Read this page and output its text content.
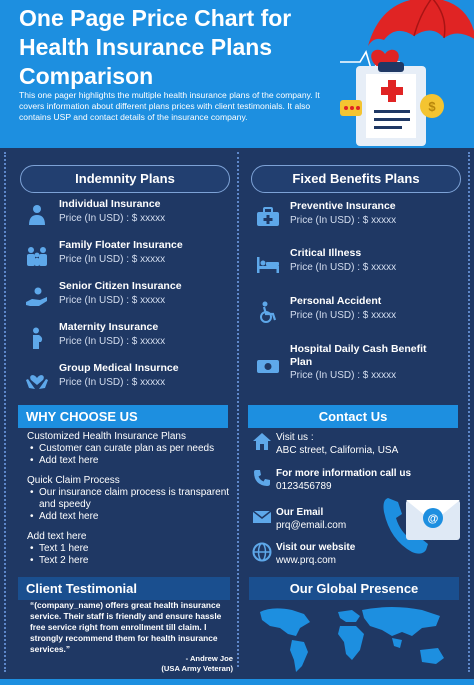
One Page Price Chart for Health Insurance Plans Comparison
This one pager highlights the multiple health insurance plans of the company. It covers information about different plans prices with client testimonials. It also contains USP and contact details of the insurance company.
$
Indemnity Plans	Fixed Benefits Plans
Individual Insurance
Price (In USD) : $ xxxxx
Family Floater Insurance
Price (In USD) : $ xxxxx
Senior Citizen Insurance
Price (In USD) : $ xxxxx
Maternity Insurance
Price (In USD) : $ xxxxx
Group Medical Insurnce
Price (In USD) : $ xxxxx
Preventive Insurance
Price (In USD) : $ xxxxx
Critical Illness
Price (In USD) : $ xxxxx
Personal Accident
Price (In USD) : $ xxxxx
Hospital Daily Cash Benefit Plan
Price (In USD) : $ xxxxx
WHY CHOOSE US
Customized Health Insurance Plans
• Customer can curate plan as per needs
• Add text here
Quick Claim Process
• Our insurance claim process is transparent and speedy
• Add text here
Add text here
• Text 1 here
• Text 2 here
Contact Us
Visit us :
ABC street, California, USA
For more information call us
0123456789
Our Email
prq@email.com
Visit our website
www.prq.com
@
Client Testimonial
“(company_name) offers great health insurance service. Their staff is friendly and ensure hassle free service right from enrollment till claim. I strongly recommend them for health insurance services.”
- Andrew Joe
(USA Army Veteran)
Our Global Presence
